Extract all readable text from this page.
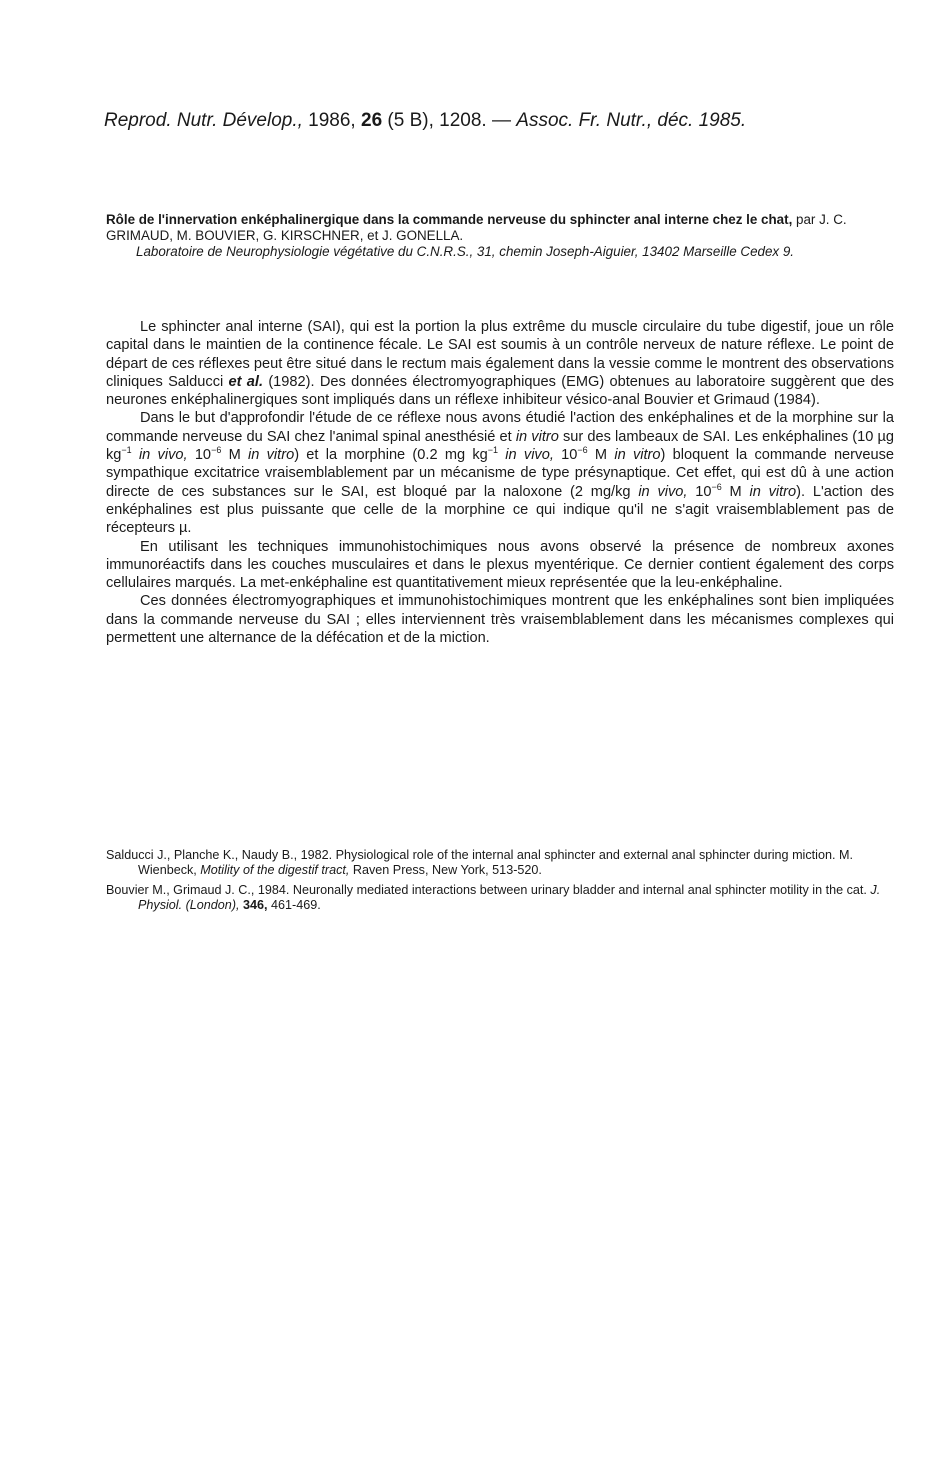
Reprod. Nutr. Dévelop., 1986, 26 (5 B), 1208. — Assoc. Fr. Nutr., déc. 1985.
Rôle de l'innervation enképhalinergique dans la commande nerveuse du sphincter anal interne chez le chat, par J. C. GRIMAUD, M. BOUVIER, G. KIRSCHNER, et J. GONELLA.
Laboratoire de Neurophysiologie végétative du C.N.R.S., 31, chemin Joseph-Aiguier, 13402 Marseille Cedex 9.

Le sphincter anal interne (SAI), qui est la portion la plus extrême du muscle circulaire du tube digestif, joue un rôle capital dans le maintien de la continence fécale. Le SAI est soumis à un contrôle nerveux de nature réflexe. Le point de départ de ces réflexes peut être situé dans le rectum mais également dans la vessie comme le montrent des observations cliniques Salducci et al. (1982). Des données électromyographiques (EMG) obtenues au laboratoire suggèrent que des neurones enképhalinergiques sont impliqués dans un réflexe inhibiteur vésico-anal Bouvier et Grimaud (1984).

Dans le but d'approfondir l'étude de ce réflexe nous avons étudié l'action des enképhalines et de la morphine sur la commande nerveuse du SAI chez l'animal spinal anesthésié et in vitro sur des lambeaux de SAI. Les enképhalines (10 µg $kg^{-1}$ in vivo, $10^{-6}$ M in vitro) et la morphine (0.2 mg $kg^{-1}$ in vivo, $10^{-6}$ M in vitro) bloquent la commande nerveuse sympathique excitatrice vraisemblablement par un mécanisme de type présynaptique. Cet effet, qui est dû à une action directe de ces substances sur le SAI, est bloqué par la naloxone (2 mg/kg in vivo, $10^{-6}$ M in vitro). L'action des enképhalines est plus puissante que celle de la morphine ce qui indique qu'il ne s'agit vraisemblablement pas de récepteurs µ.

En utilisant les techniques immunohistochimiques nous avons observé la présence de nombreux axones immunoréactifs dans les couches musculaires et dans le plexus myentérique. Ce dernier contient également des corps cellulaires marqués. La met-enképhaline est quantitativement mieux représentée que la leu-enképhaline.

Ces données électromyographiques et immunohistochimiques montrent que les enképhalines sont bien impliquées dans la commande nerveuse du SAI ; elles interviennent très vraisemblablement dans les mécanismes complexes qui permettent une alternance de la défécation et de la miction.

Salducci J., Planche K., Naudy B., 1982. Physiological role of the internal anal sphincter and external anal sphincter during miction. M. Wienbeck, Motility of the digestif tract, Raven Press, New York, 513-520.
Bouvier M., Grimaud J. C., 1984. Neuronally mediated interactions between urinary bladder and internal anal sphincter motility in the cat. J. Physiol. (London), 346, 461-469.
